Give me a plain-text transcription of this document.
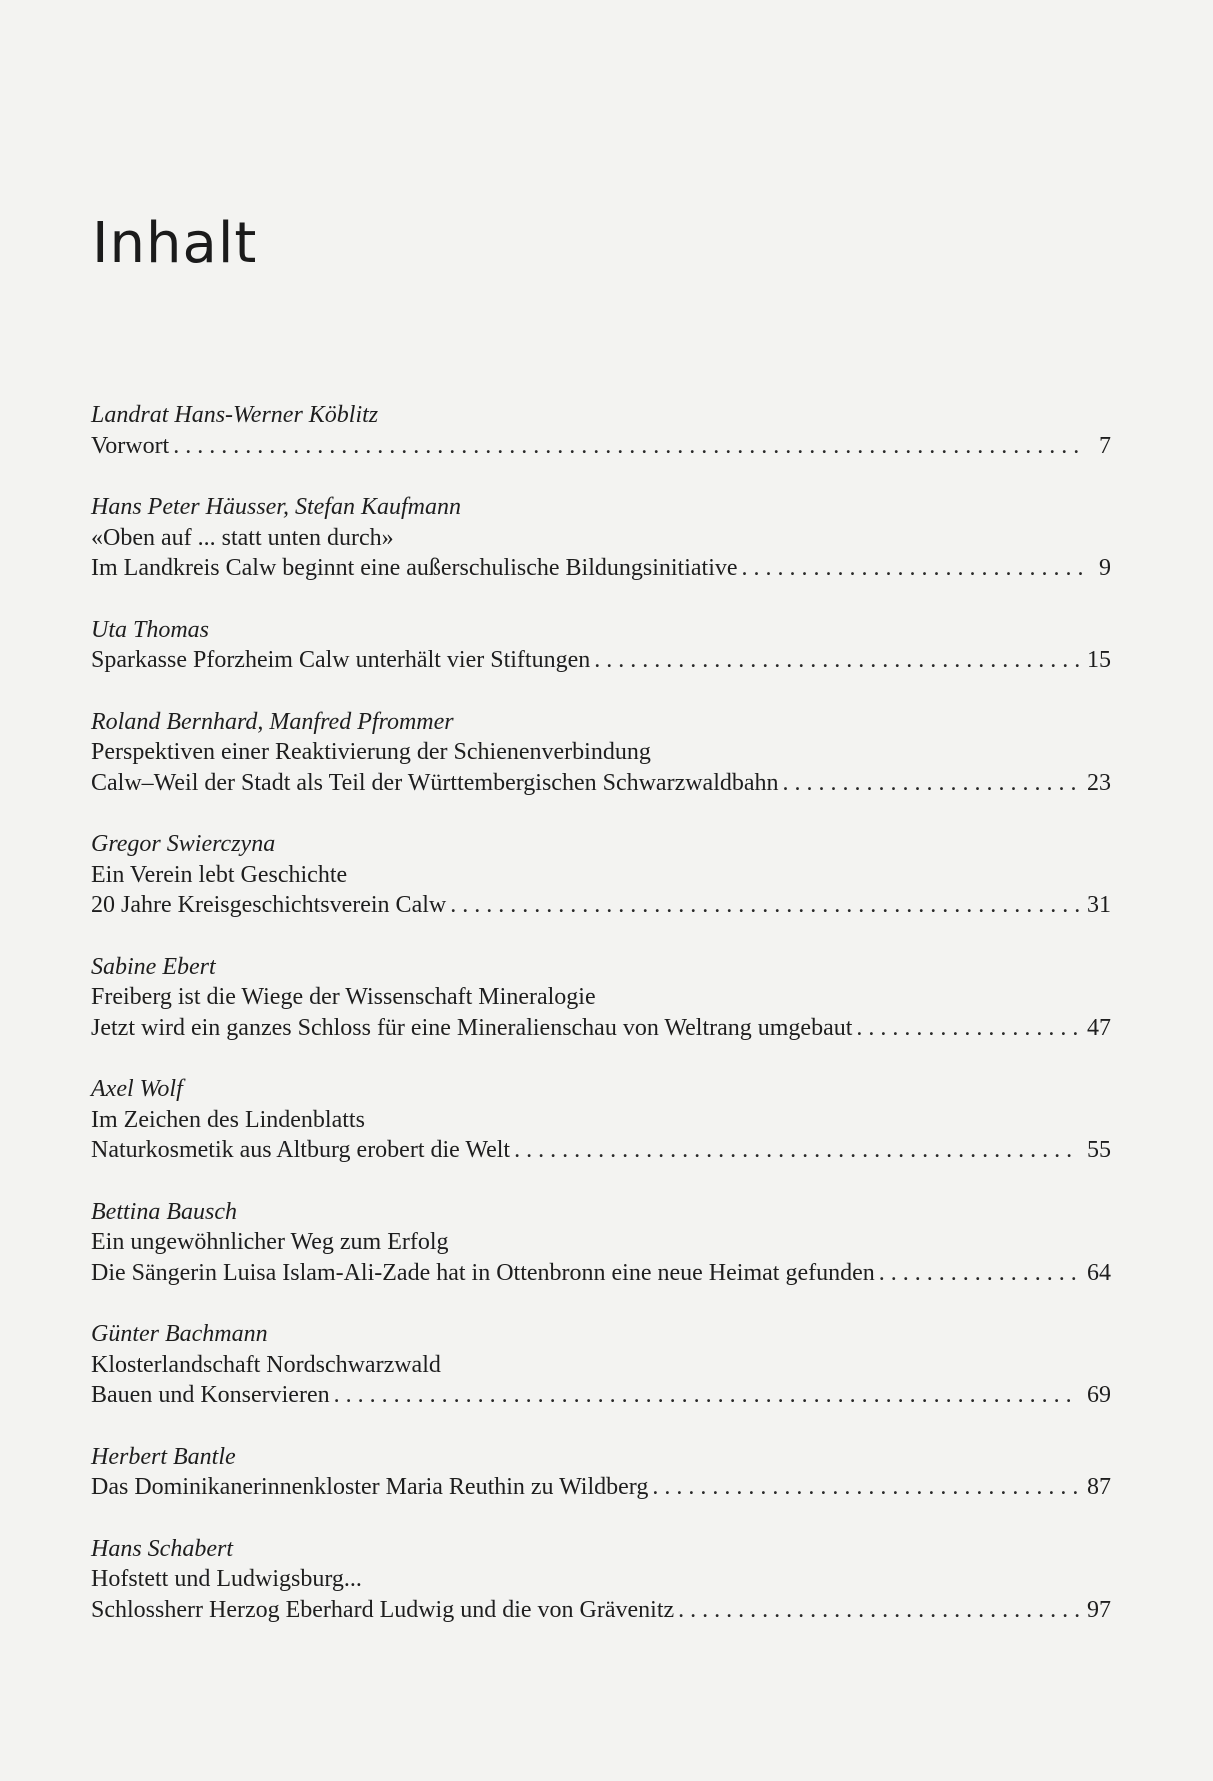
Inhalt
Landrat Hans-Werner Köblitz
Vorwort . . .	7
Hans Peter Häusser, Stefan Kaufmann
«Oben auf ... statt unten durch»
Im Landkreis Calw beginnt eine außerschulische Bildungsinitiative . . .	9
Uta Thomas
Sparkasse Pforzheim Calw unterhält vier Stiftungen . . .	15
Roland Bernhard, Manfred Pfrommer
Perspektiven einer Reaktivierung der Schienenverbindung
Calw–Weil der Stadt als Teil der Württembergischen Schwarzwaldbahn . . .	23
Gregor Swierczyna
Ein Verein lebt Geschichte
20 Jahre Kreisgeschichtsverein Calw . . .	31
Sabine Ebert
Freiberg ist die Wiege der Wissenschaft Mineralogie
Jetzt wird ein ganzes Schloss für eine Mineralienschau von Weltrang umgebaut . . .	47
Axel Wolf
Im Zeichen des Lindenblatts
Naturkosmetik aus Altburg erobert die Welt . . .	55
Bettina Bausch
Ein ungewöhnlicher Weg zum Erfolg
Die Sängerin Luisa Islam-Ali-Zade hat in Ottenbronn eine neue Heimat gefunden . . .	64
Günter Bachmann
Klosterlandschaft Nordschwarzwald
Bauen und Konservieren . . .	69
Herbert Bantle
Das Dominikanerinnenkloster Maria Reuthin zu Wildberg . . .	87
Hans Schabert
Hofstett und Ludwigsburg...
Schlossherr Herzog Eberhard Ludwig und die von Grävenitz . . .	97
